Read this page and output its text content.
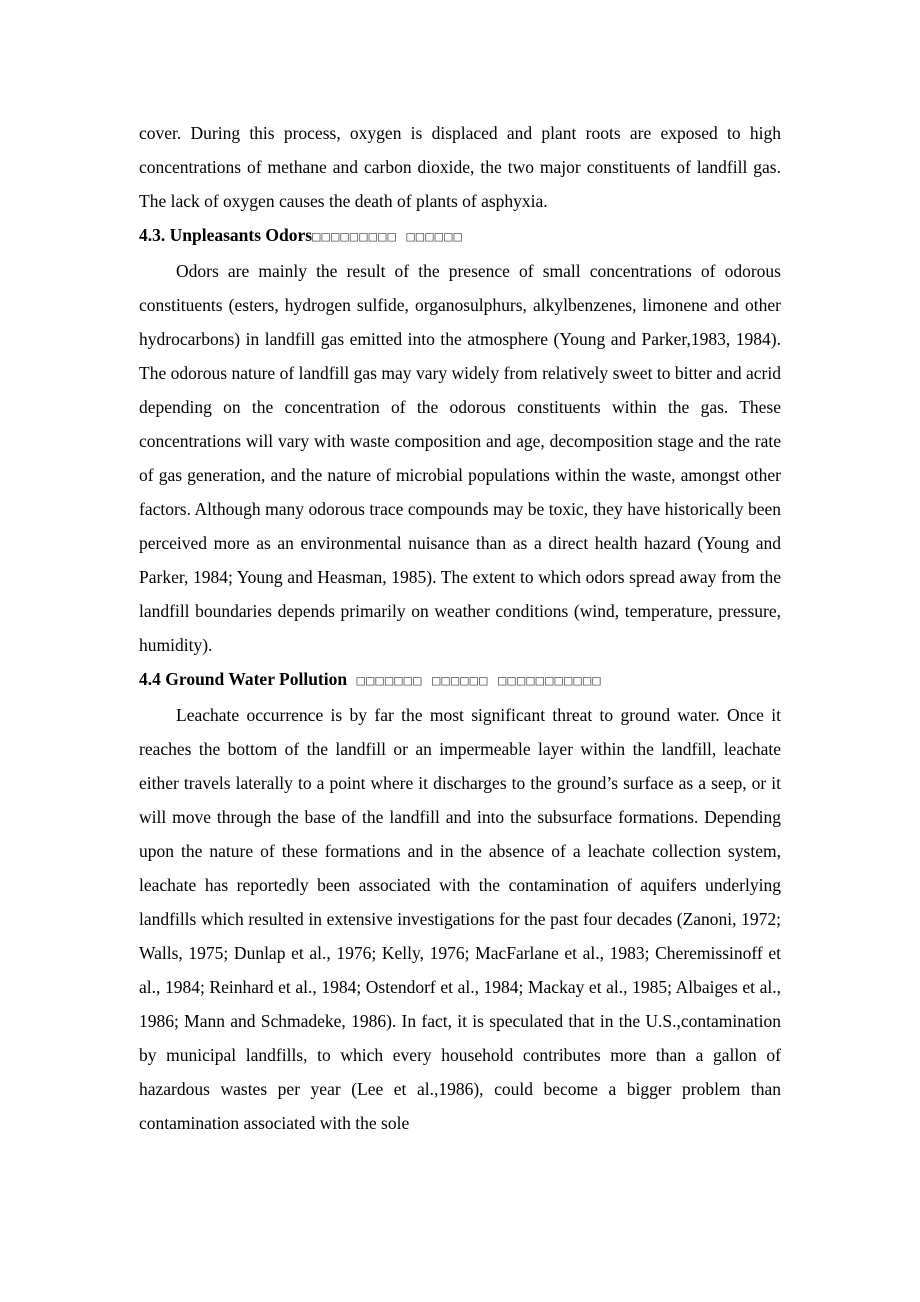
cover. During this process, oxygen is displaced and plant roots are exposed to high concentrations of methane and carbon dioxide, the two major constituents of landfill gas. The lack of oxygen causes the death of plants of asphyxia.

4.3. Unpleasants Odors□□□□□□□□□ □□□□□□

Odors are mainly the result of the presence of small concentrations of odorous constituents (esters, hydrogen sulfide, organosulphurs, alkylbenzenes, limonene and other hydrocarbons) in landfill gas emitted into the atmosphere (Young and Parker,1983, 1984). The odorous nature of landfill gas may vary widely from relatively sweet to bitter and acrid depending on the concentration of the odorous constituents within the gas. These concentrations will vary with waste composition and age, decomposition stage and the rate of gas generation, and the nature of microbial populations within the waste, amongst other factors. Although many odorous trace compounds may be toxic, they have historically been perceived more as an environmental nuisance than as a direct health hazard (Young and Parker, 1984; Young and Heasman, 1985). The extent to which odors spread away from the landfill boundaries depends primarily on weather conditions (wind, temperature, pressure, humidity).

4.4 Ground Water Pollution □□□□□□□ □□□□□□ □□□□□□□□□□□

Leachate occurrence is by far the most significant threat to ground water. Once it reaches the bottom of the landfill or an impermeable layer within the landfill, leachate either travels laterally to a point where it discharges to the ground’s surface as a seep, or it will move through the base of the landfill and into the subsurface formations. Depending upon the nature of these formations and in the absence of a leachate collection system, leachate has reportedly been associated with the contamination of aquifers underlying landfills which resulted in extensive investigations for the past four decades (Zanoni, 1972; Walls, 1975; Dunlap et al., 1976; Kelly, 1976; MacFarlane et al., 1983; Cheremissinoff et al., 1984; Reinhard et al., 1984; Ostendorf et al., 1984; Mackay et al., 1985; Albaiges et al., 1986; Mann and Schmadeke, 1986). In fact, it is speculated that in the U.S.,contamination by municipal landfills, to which every household contributes more than a gallon of hazardous wastes per year (Lee et al.,1986), could become a bigger problem than contamination associated with the sole
